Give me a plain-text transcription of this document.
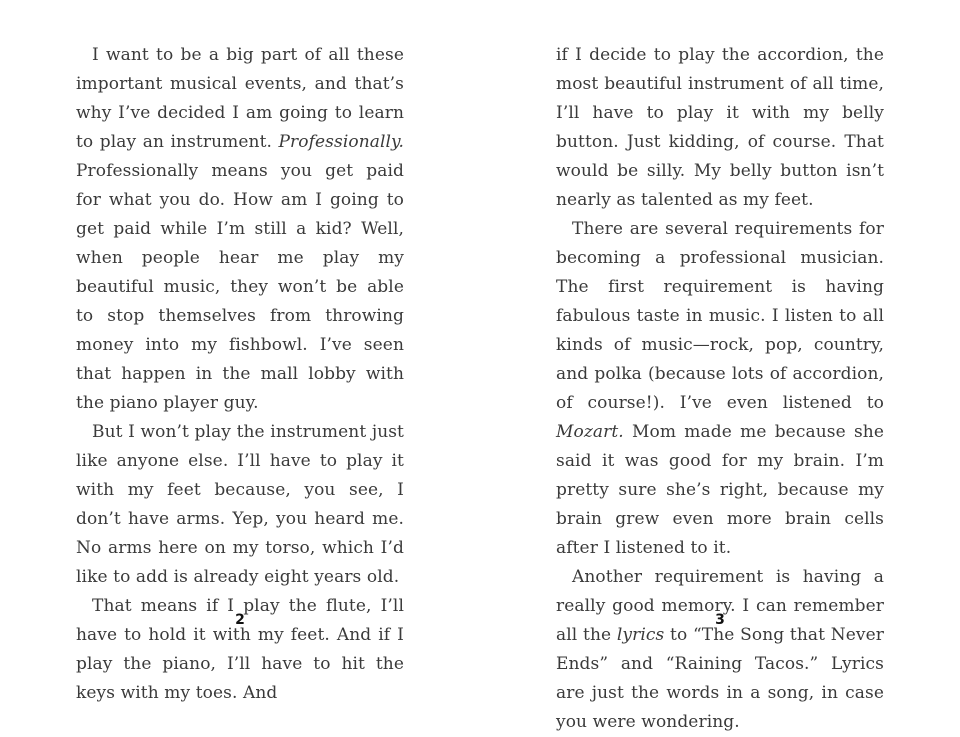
I want to be a big part of all these important musical events, and that’s why I’ve decided I am going to learn to play an instrument. Professionally. Professionally means you get paid for what you do. How am I going to get paid while I’m still a kid? Well, when people hear me play my beautiful music, they won’t be able to stop themselves from throwing money into my fishbowl. I’ve seen that happen in the mall lobby with the piano player guy.

But I won’t play the instrument just like anyone else. I’ll have to play it with my feet because, you see, I don’t have arms. Yep, you heard me. No arms here on my torso, which I’d like to add is already eight years old.

That means if I play the flute, I’ll have to hold it with my feet. And if I play the piano, I’ll have to hit the keys with my toes. And

2

if I decide to play the accordion, the most beautiful instrument of all time, I’ll have to play it with my belly button. Just kidding, of course. That would be silly. My belly button isn’t nearly as talented as my feet.

There are several requirements for becoming a professional musician. The first requirement is having fabulous taste in music. I listen to all kinds of music—rock, pop, country, and polka (because lots of accordion, of course!). I’ve even listened to Mozart. Mom made me because she said it was good for my brain. I’m pretty sure she’s right, because my brain grew even more brain cells after I listened to it.

Another requirement is having a really good memory. I can remember all the lyrics to “The Song that Never Ends” and “Raining Tacos.” Lyrics are just the words in a song, in case you were wondering.

3
